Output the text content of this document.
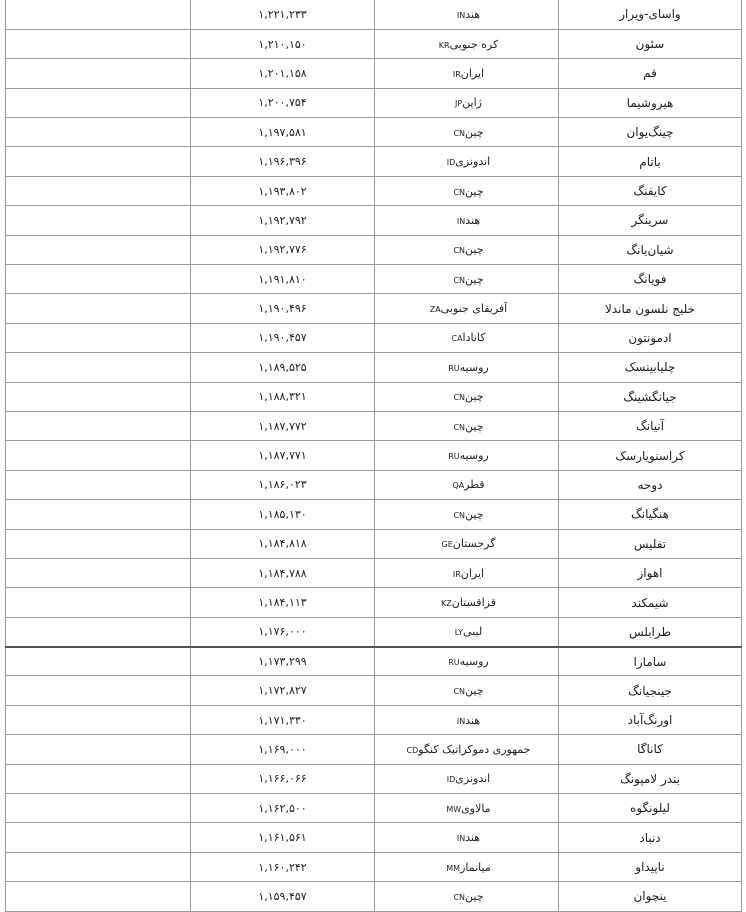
واسای-ویرار	هندIN	۱,۲۲۱,۲۳۳	
سئون	کره جنوبیKR	۱,۲۱۰,۱۵۰	
قم	ایرانIR	۱,۲۰۱,۱۵۸	
هیروشیما	ژاپنJP	۱,۲۰۰,۷۵۴	
چینگ‌یوان	چینCN	۱,۱۹۷,۵۸۱	
باتام	اندونزیID	۱,۱۹۶,۳۹۶	
کایفنگ	چینCN	۱,۱۹۳,۸۰۲	
سرینگر	هندIN	۱,۱۹۲,۷۹۲	
شیان‌یانگ	چینCN	۱,۱۹۲,۷۷۶	
فویانگ	چینCN	۱,۱۹۱,۸۱۰	
خلیج نلسون ماندلا	آفریقای جنوبیZA	۱,۱۹۰,۴۹۶	
ادمونتون	کاناداCA	۱,۱۹۰,۴۵۷	
چلیابینسک	روسیهRU	۱,۱۸۹,۵۲۵	
جیانگشینگ	چینCN	۱,۱۸۸,۳۲۱	
آنیانگ	چینCN	۱,۱۸۷,۷۷۲	
کراسنویارسک	روسیهRU	۱,۱۸۷,۷۷۱	
دوحه	قطرQA	۱,۱۸۶,۰۲۳	
هنگیانگ	چینCN	۱,۱۸۵,۱۳۰	
تفلیس	گرجستانGE	۱,۱۸۴,۸۱۸	
اهواز	ایرانIR	۱,۱۸۴,۷۸۸	
شیمکند	قزاقستانKZ	۱,۱۸۴,۱۱۳	
طرابلس	لیبیLY	۱,۱۷۶,۰۰۰	
سامارا	روسیهRU	۱,۱۷۳,۲۹۹	
جینجیانگ	چینCN	۱,۱۷۲,۸۲۷	
اورنگ‌آباد	هندIN	۱,۱۷۱,۳۳۰	
کاناگا	جمهوری دموکراتیک کنگوCD	۱,۱۶۹,۰۰۰	
بندر لامپونگ	اندونزیID	۱,۱۶۶,۰۶۶	
لیلونگوه	مالاویMW	۱,۱۶۲,۵۰۰	
دنباد	هندIN	۱,۱۶۱,۵۶۱	
ناپیداو	میانمارMM	۱,۱۶۰,۲۴۲	
ینچوان	چینCN	۱,۱۵۹,۴۵۷	
